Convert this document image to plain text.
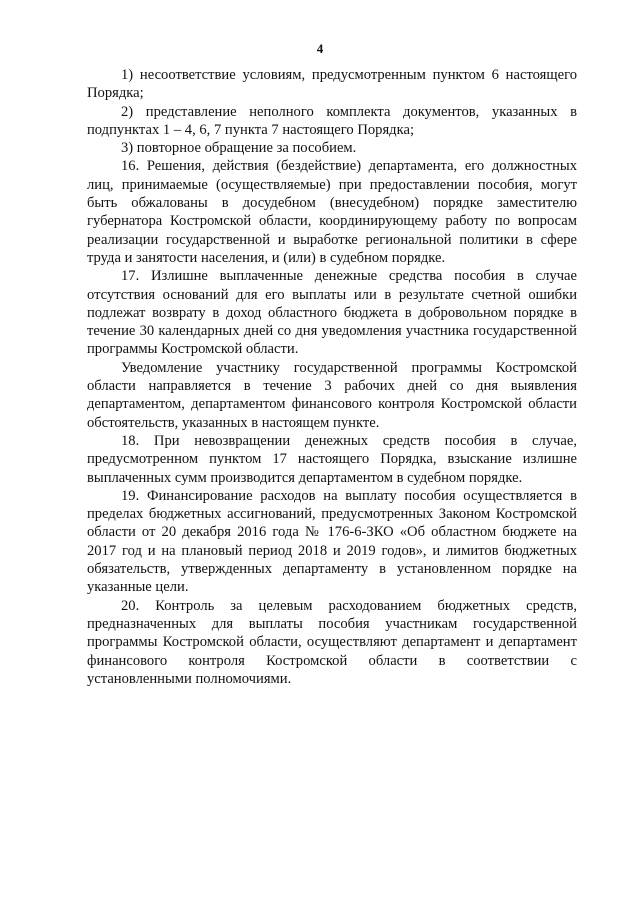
4

1) несоответствие условиям, предусмотренным пунктом 6 настоящего Порядка;

2) представление неполного комплекта документов, указанных в подпунктах 1 – 4, 6, 7 пункта 7 настоящего Порядка;

3) повторное обращение за пособием.

16. Решения, действия (бездействие) департамента, его должностных лиц, принимаемые (осуществляемые) при предоставлении пособия, могут быть обжалованы в досудебном (внесудебном) порядке заместителю губернатора Костромской области, координирующему работу по вопросам реализации государственной и выработке региональной политики в сфере труда и занятости населения, и (или) в судебном порядке.

17. Излишне выплаченные денежные средства пособия в случае отсутствия оснований для его выплаты или в результате счетной ошибки подлежат возврату в доход областного бюджета в добровольном порядке в течение 30 календарных дней со дня уведомления участника государственной программы Костромской области.

Уведомление участнику государственной программы Костромской области направляется в течение 3 рабочих дней со дня выявления департаментом, департаментом финансового контроля Костромской области обстоятельств, указанных в настоящем пункте.

18. При невозвращении денежных средств пособия в случае, предусмотренном пунктом 17 настоящего Порядка, взыскание излишне выплаченных сумм производится департаментом в судебном порядке.

19. Финансирование расходов на выплату пособия осуществляется в пределах бюджетных ассигнований, предусмотренных Законом Костромской области от 20 декабря 2016 года № 176-6-ЗКО «Об областном бюджете на 2017 год и на плановый период 2018 и 2019 годов», и лимитов бюджетных обязательств, утвержденных департаменту в установленном порядке на указанные цели.

20. Контроль за целевым расходованием бюджетных средств, предназначенных для выплаты пособия участникам государственной программы Костромской области, осуществляют департамент и департамент финансового контроля Костромской области в соответствии с установленными полномочиями.
